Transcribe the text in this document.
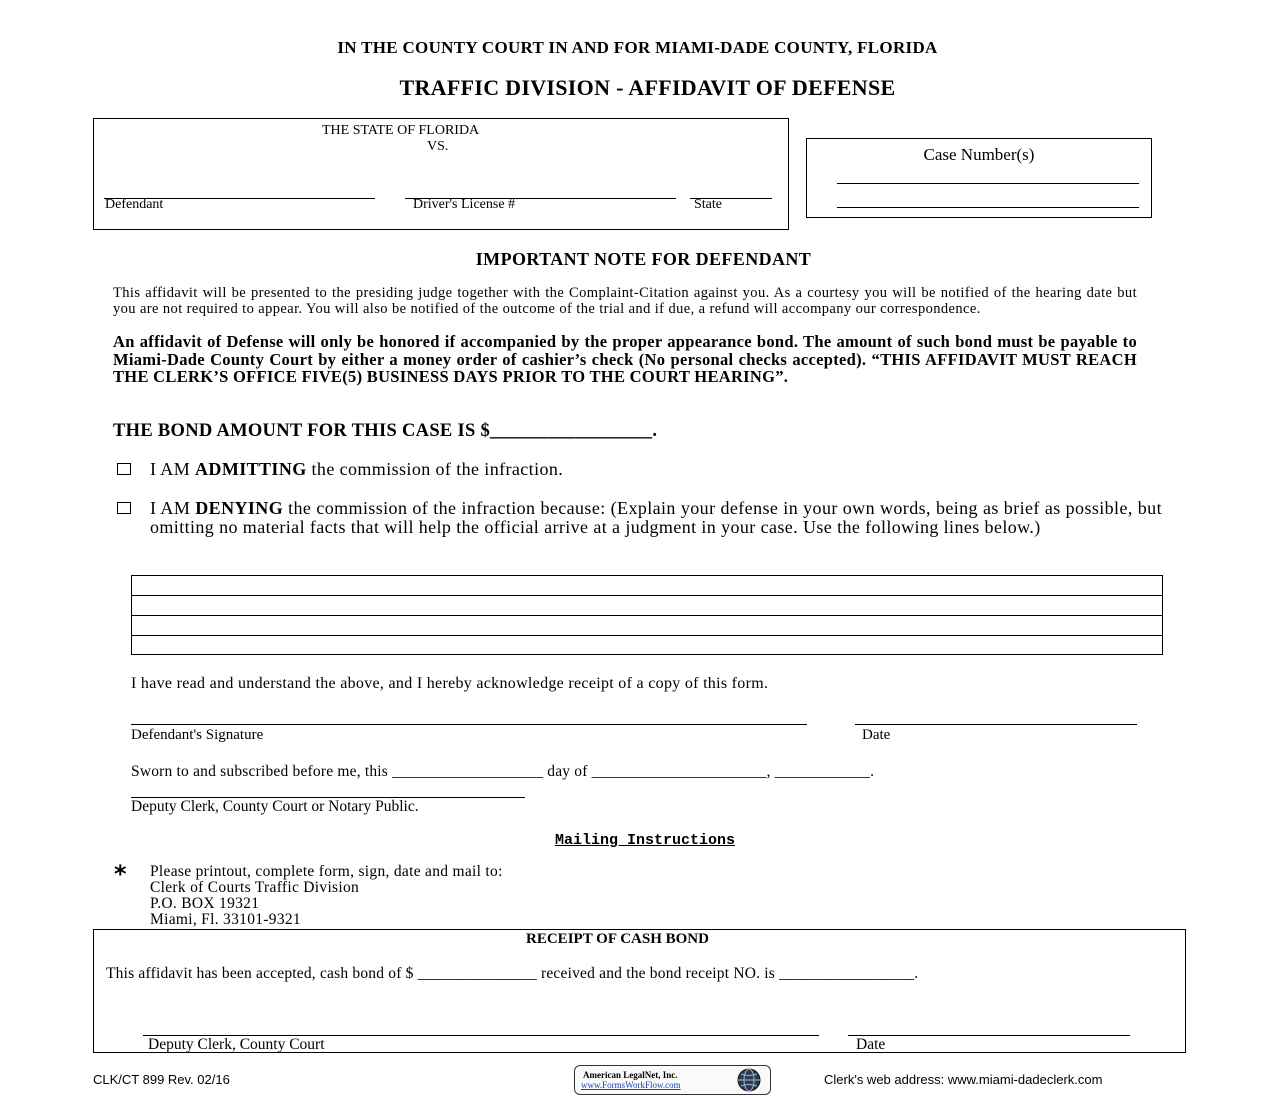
IN THE COUNTY COURT IN AND FOR MIAMI-DADE COUNTY, FLORIDA
TRAFFIC DIVISION - AFFIDAVIT OF DEFENSE
THE STATE OF FLORIDA
VS.
Defendant	Driver's License #	State
Case Number(s)
IMPORTANT NOTE FOR DEFENDANT
This affidavit will be presented to the presiding judge together with the Complaint-Citation against you. As a courtesy you will be notified of the hearing date but you are not required to appear. You will also be notified of the outcome of the trial and if due, a refund will accompany our correspondence.
An affidavit of Defense will only be honored if accompanied by the proper appearance bond. The amount of such bond must be payable to Miami-Dade County Court by either a money order of cashier’s check (No personal checks accepted). “THIS AFFIDAVIT MUST REACH THE CLERK’S OFFICE FIVE(5) BUSINESS DAYS PRIOR TO THE COURT HEARING”.
THE BOND AMOUNT FOR THIS CASE IS $_________________.
I AM ADMITTING the commission of the infraction.
I AM DENYING the commission of the infraction because: (Explain your defense in your own words, being as brief as possible, but omitting no material facts that will help the official arrive at a judgment in your case. Use the following lines below.)
I have read and understand the above, and I hereby acknowledge receipt of a copy of this form.
Defendant's Signature	Date
Sworn to and subscribed before me, this ___________________ day of ______________________, ____________.
Deputy Clerk, County Court or Notary Public.
Mailing Instructions
* Please printout, complete form, sign, date and mail to:
Clerk of Courts Traffic Division
P.O. BOX 19321
Miami, Fl. 33101-9321
RECEIPT OF CASH BOND
This affidavit has been accepted, cash bond of $ _______________ received and the bond receipt NO. is _________________.
Deputy Clerk, County Court	Date
CLK/CT 899 Rev. 02/16	American LegalNet, Inc.
www.FormsWorkFlow.com	Clerk's web address: www.miami-dadeclerk.com
